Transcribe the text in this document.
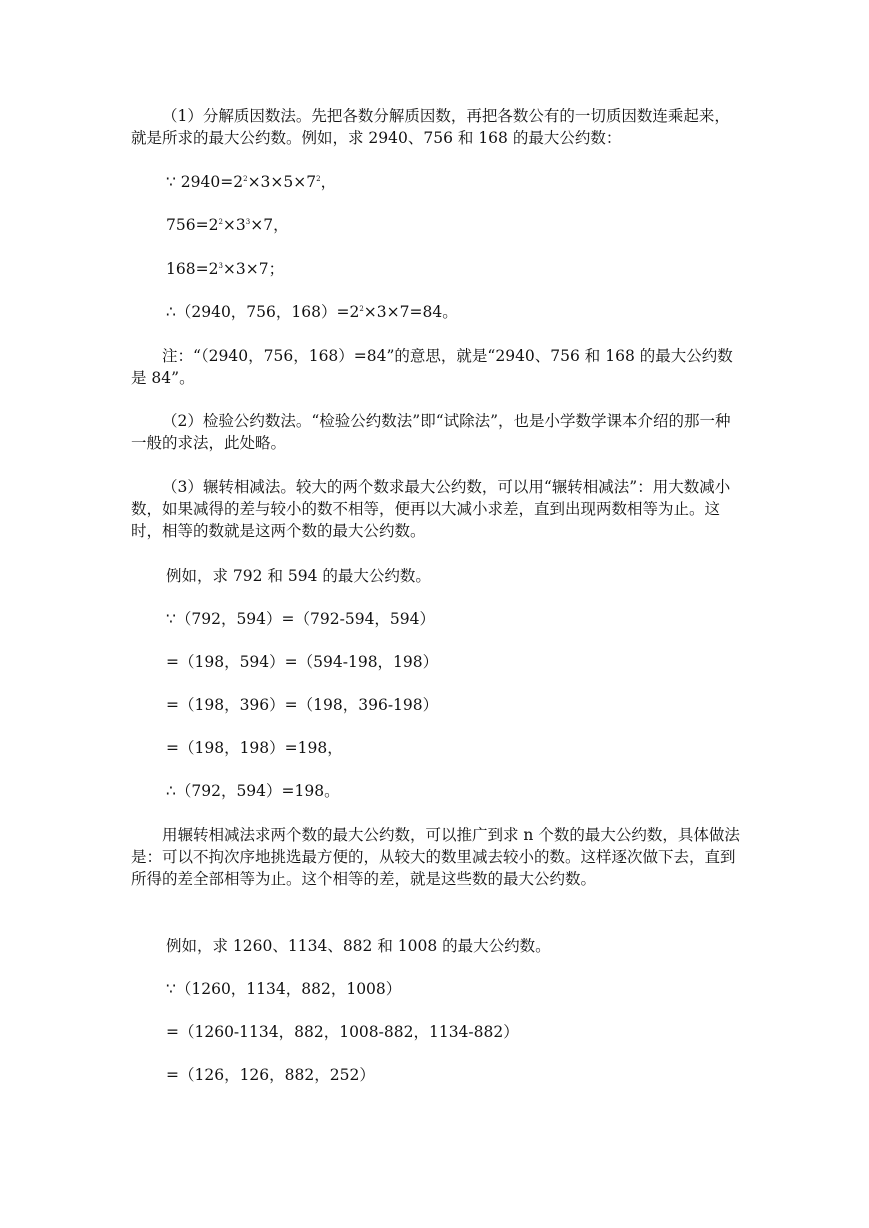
（1）分解质因数法。先把各数分解质因数，再把各数公有的一切质因数连乘起来，就是所求的最大公约数。例如，求 2940、756 和 168 的最大公约数：

∵ $2940=2^2\times 3\times 5\times 7^2$，

$756=2^2\times 3^3\times 7$，

$168=2^3\times 3\times 7$；

∴（2940，756，$168)=2^2\times 3\times 7=84$。

注：“（2940，756，168）=84”的意思，就是“2940、756 和 168 的最大公约数是 84”。

（2）检验公约数法。“检验公约数法”即“试除法”，也是小学数学课本介绍的那一种一般的求法，此处略。

（3）辗转相减法。较大的两个数求最大公约数，可以用“辗转相减法”：用大数减小数，如果减得的差与较小的数不相等，便再以大减小求差，直到出现两数相等为止。这时，相等的数就是这两个数的最大公约数。

例如，求 792 和 594 的最大公约数。

∵（792，594）=（792-594，594）

=（198，594）=（594-198，198）

=（198，396）=（198，396-198）

=（198，198）=198，

∴（792，594）=198。

用辗转相减法求两个数的最大公约数，可以推广到求 n 个数的最大公约数，具体做法是：可以不拘次序地挑选最方便的，从较大的数里减去较小的数。这样逐次做下去，直到所得的差全部相等为止。这个相等的差，就是这些数的最大公约数。

例如，求 1260、1134、882 和 1008 的最大公约数。

∵（1260，1134，882，1008）

=（1260-1134，882，1008-882，1134-882）

=（126，126，882，252）
